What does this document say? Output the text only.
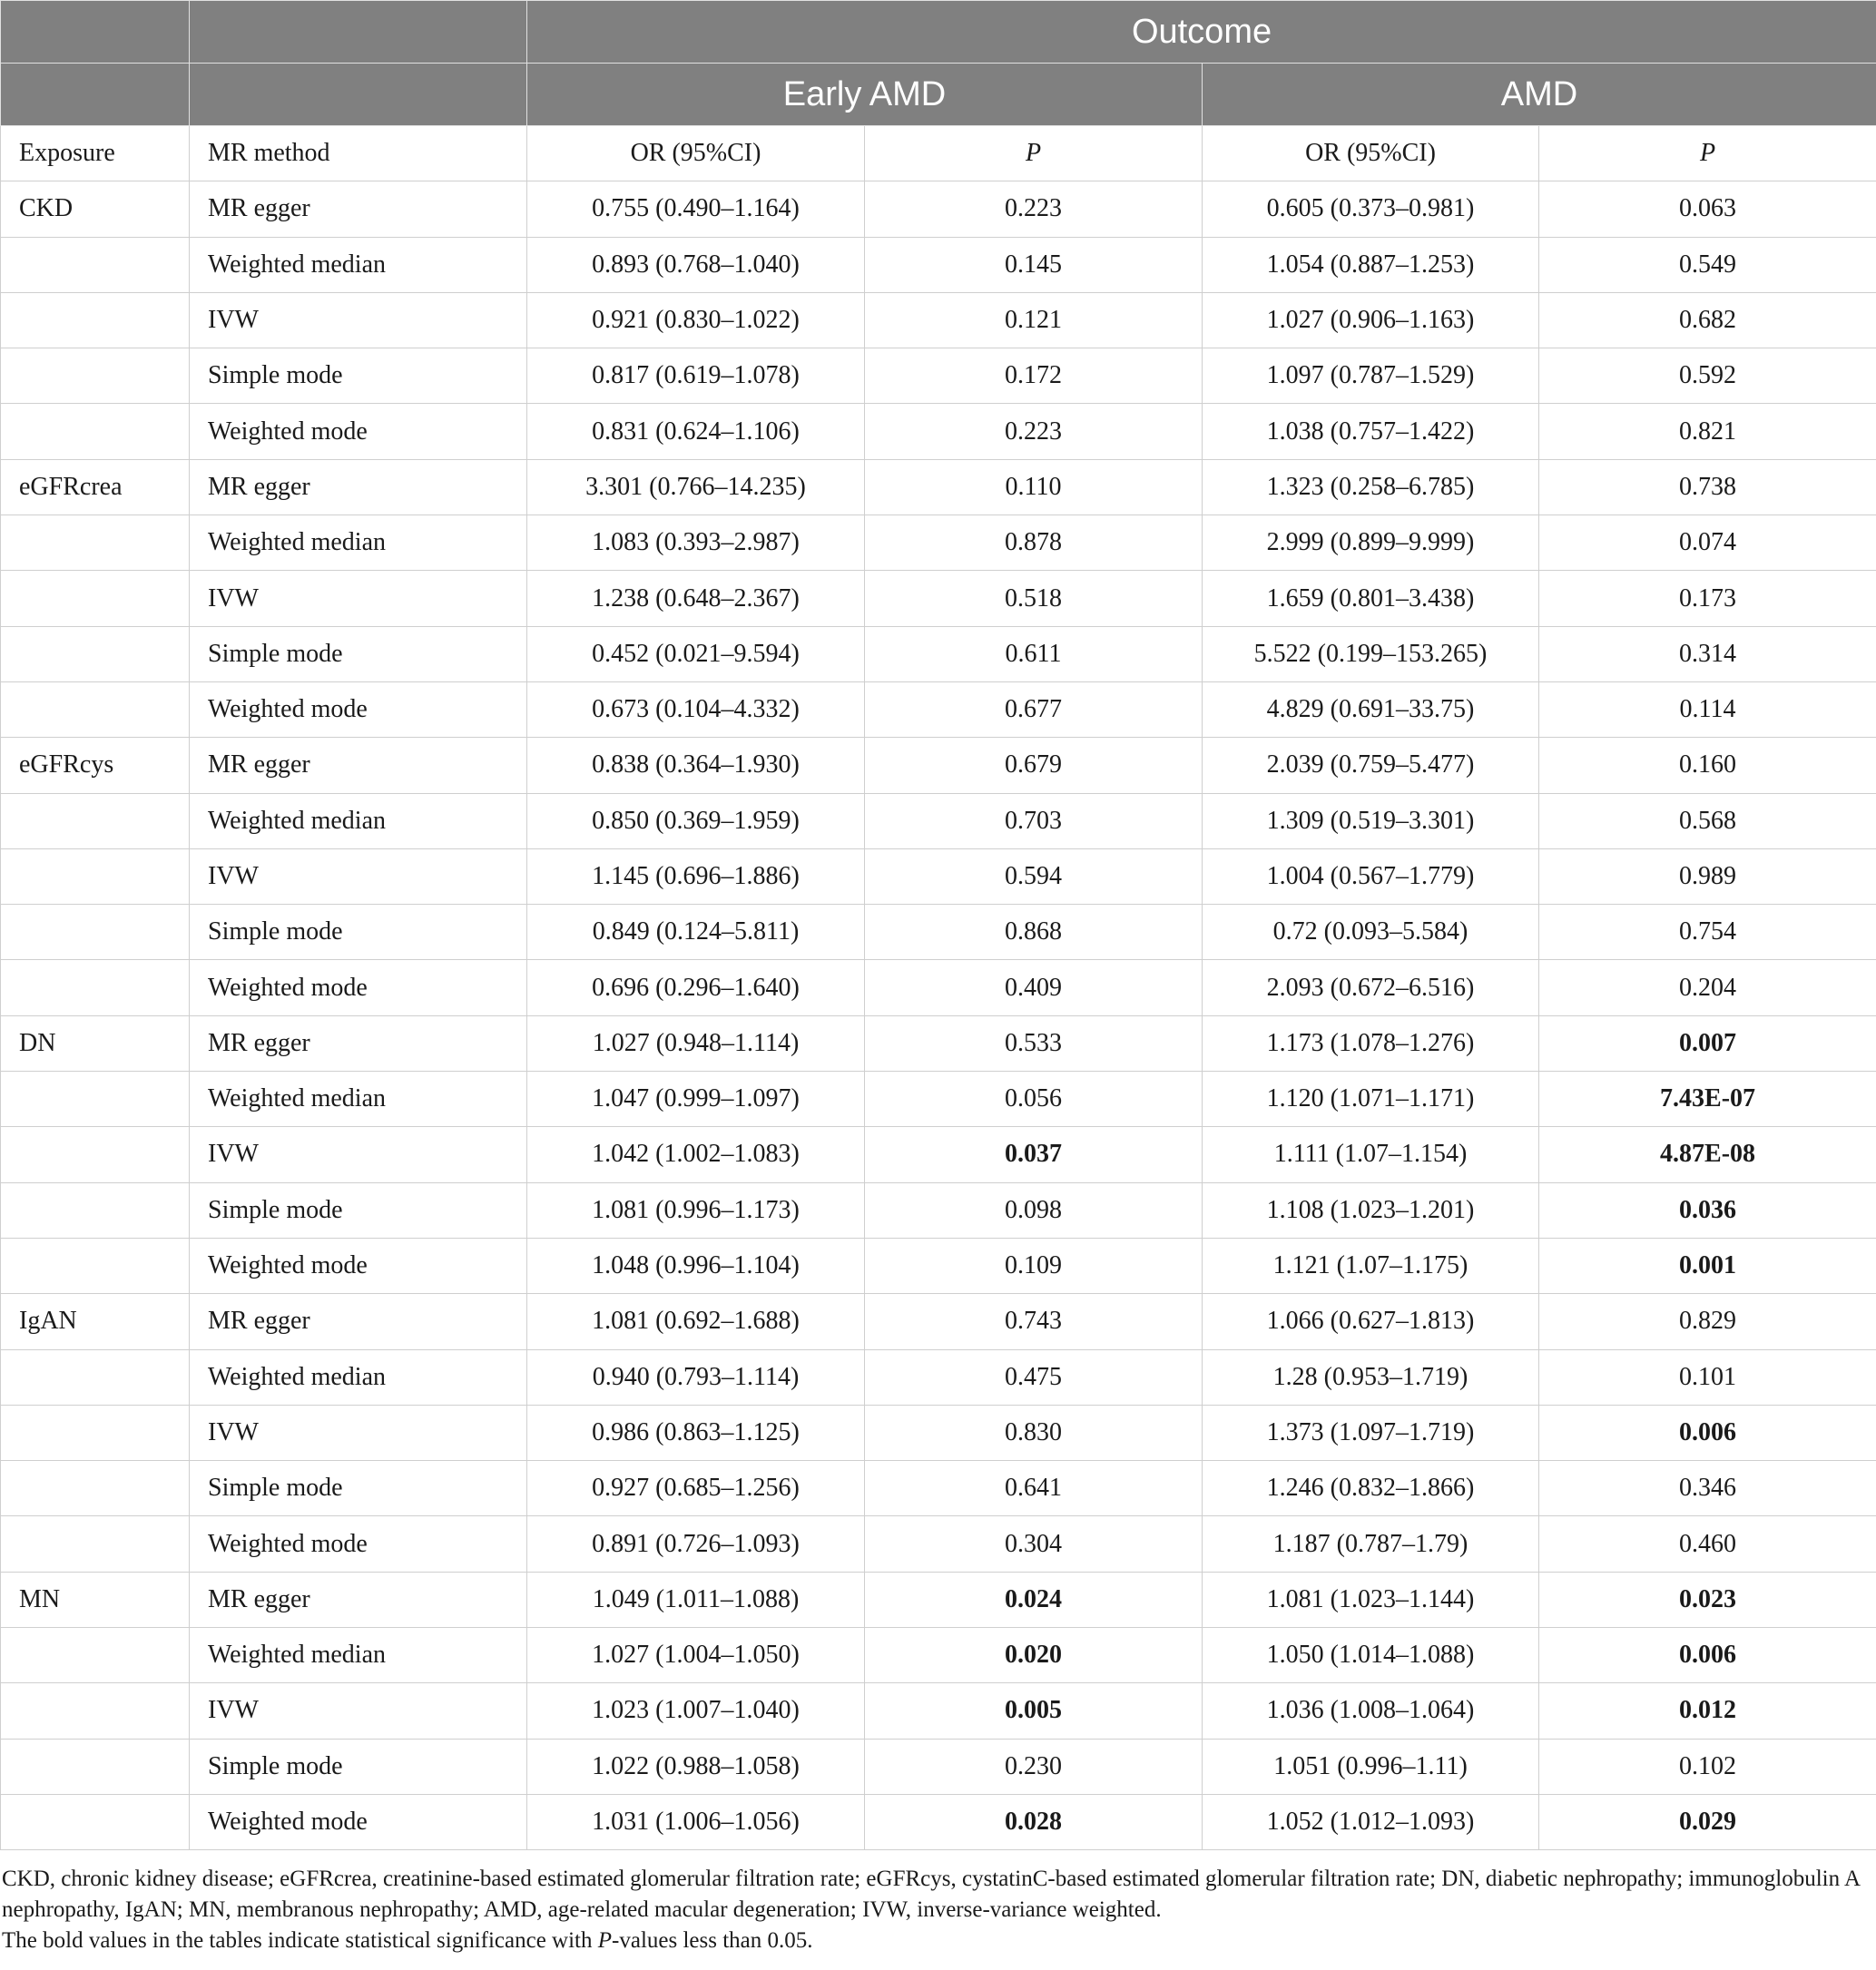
		Outcome			
		Early AMD		AMD	
Exposure	MR method	OR (95%CI)	P	OR (95%CI)	P
CKD	MR egger	0.755 (0.490–1.164)	0.223	0.605 (0.373–0.981)	0.063
	Weighted median	0.893 (0.768–1.040)	0.145	1.054 (0.887–1.253)	0.549
	IVW	0.921 (0.830–1.022)	0.121	1.027 (0.906–1.163)	0.682
	Simple mode	0.817 (0.619–1.078)	0.172	1.097 (0.787–1.529)	0.592
	Weighted mode	0.831 (0.624–1.106)	0.223	1.038 (0.757–1.422)	0.821
eGFRcrea	MR egger	3.301 (0.766–14.235)	0.110	1.323 (0.258–6.785)	0.738
	Weighted median	1.083 (0.393–2.987)	0.878	2.999 (0.899–9.999)	0.074
	IVW	1.238 (0.648–2.367)	0.518	1.659 (0.801–3.438)	0.173
	Simple mode	0.452 (0.021–9.594)	0.611	5.522 (0.199–153.265)	0.314
	Weighted mode	0.673 (0.104–4.332)	0.677	4.829 (0.691–33.75)	0.114
eGFRcys	MR egger	0.838 (0.364–1.930)	0.679	2.039 (0.759–5.477)	0.160
	Weighted median	0.850 (0.369–1.959)	0.703	1.309 (0.519–3.301)	0.568
	IVW	1.145 (0.696–1.886)	0.594	1.004 (0.567–1.779)	0.989
	Simple mode	0.849 (0.124–5.811)	0.868	0.72 (0.093–5.584)	0.754
	Weighted mode	0.696 (0.296–1.640)	0.409	2.093 (0.672–6.516)	0.204
DN	MR egger	1.027 (0.948–1.114)	0.533	1.173 (1.078–1.276)	0.007
	Weighted median	1.047 (0.999–1.097)	0.056	1.120 (1.071–1.171)	7.43E-07
	IVW	1.042 (1.002–1.083)	0.037	1.111 (1.07–1.154)	4.87E-08
	Simple mode	1.081 (0.996–1.173)	0.098	1.108 (1.023–1.201)	0.036
	Weighted mode	1.048 (0.996–1.104)	0.109	1.121 (1.07–1.175)	0.001
IgAN	MR egger	1.081 (0.692–1.688)	0.743	1.066 (0.627–1.813)	0.829
	Weighted median	0.940 (0.793–1.114)	0.475	1.28 (0.953–1.719)	0.101
	IVW	0.986 (0.863–1.125)	0.830	1.373 (1.097–1.719)	0.006
	Simple mode	0.927 (0.685–1.256)	0.641	1.246 (0.832–1.866)	0.346
	Weighted mode	0.891 (0.726–1.093)	0.304	1.187 (0.787–1.79)	0.460
MN	MR egger	1.049 (1.011–1.088)	0.024	1.081 (1.023–1.144)	0.023
	Weighted median	1.027 (1.004–1.050)	0.020	1.050 (1.014–1.088)	0.006
	IVW	1.023 (1.007–1.040)	0.005	1.036 (1.008–1.064)	0.012
	Simple mode	1.022 (0.988–1.058)	0.230	1.051 (0.996–1.11)	0.102
	Weighted mode	1.031 (1.006–1.056)	0.028	1.052 (1.012–1.093)	0.029

CKD, chronic kidney disease; eGFRcrea, creatinine-based estimated glomerular filtration rate; eGFRcys, cystatinC-based estimated glomerular filtration rate; DN, diabetic nephropathy; immunoglobulin A nephropathy, IgAN; MN, membranous nephropathy; AMD, age-related macular degeneration; IVW, inverse-variance weighted.

The bold values in the tables indicate statistical significance with P-values less than 0.05.
